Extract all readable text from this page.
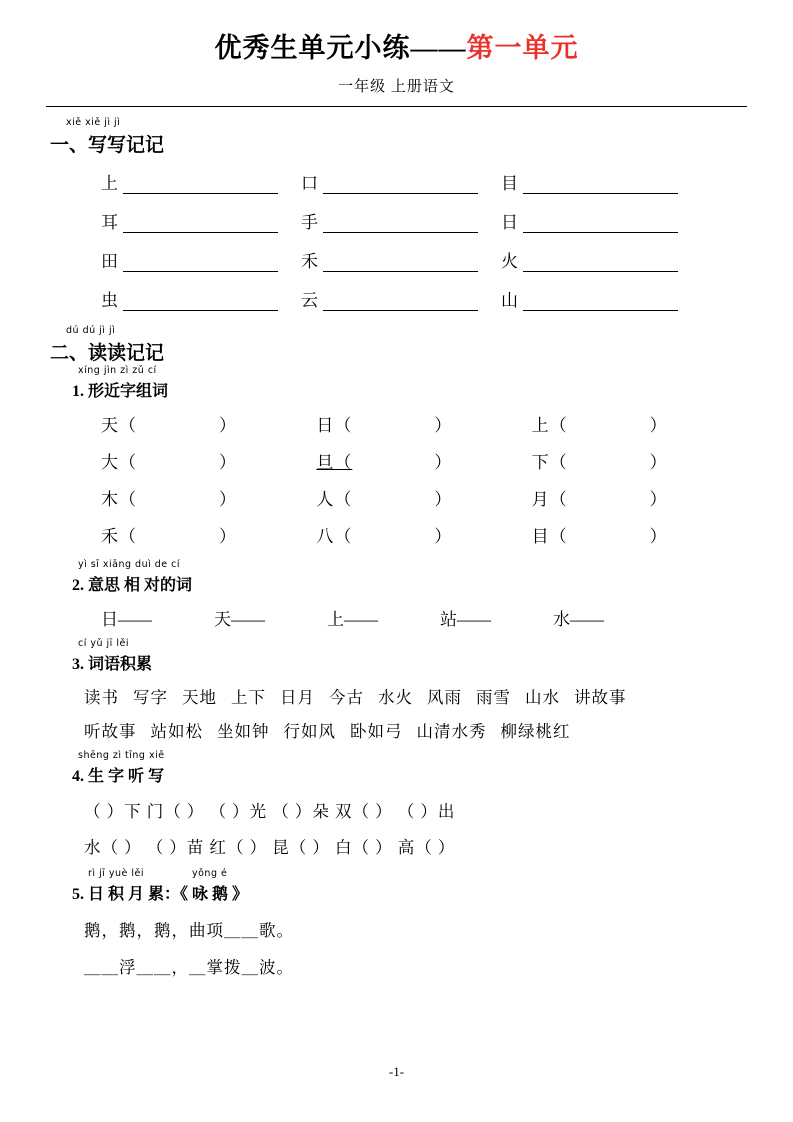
优秀生单元小练——第一单元
一年级 上册语文
xiě xiě jì jì
一、写写记记
上	口	目
耳	手	日
田	禾	火
虫	云	山
dú dú jì jì
二、读读记记
xíng jìn zì zǔ cí
1. 形近字组词
天（	）	日（	）	上（	）
大（	）	旦（	）	下（	）
木（	）	人（	）	月（	）
禾（	）	八（	）	目（	）
yì sī xiāng duì de cí
2. 意思 相 对的词
日——	天——	上——	站——	水——
cí yǔ jī lěi
3. 词语积累
读书 写字 天地 上下 日月 今古 水火 风雨 雨雪 山水 讲故事
听故事 站如松 坐如钟 行如风 卧如弓 山清水秀 柳绿桃红
shēng zì tīng xiě
4. 生 字 听 写
（ ）下 门（ ） （ ）光 （ ）朵 双（ ） （ ）出
水（ ） （ ）苗 红（ ） 昆（ ） 白（ ） 高（ ）
rì jī yuè lěi	yǒng é
5. 日 积 月 累：《 咏 鹅 》
鹅，鹅，鹅，曲项＿＿歌。
＿＿浮＿＿，＿掌拨＿波。
-1-
